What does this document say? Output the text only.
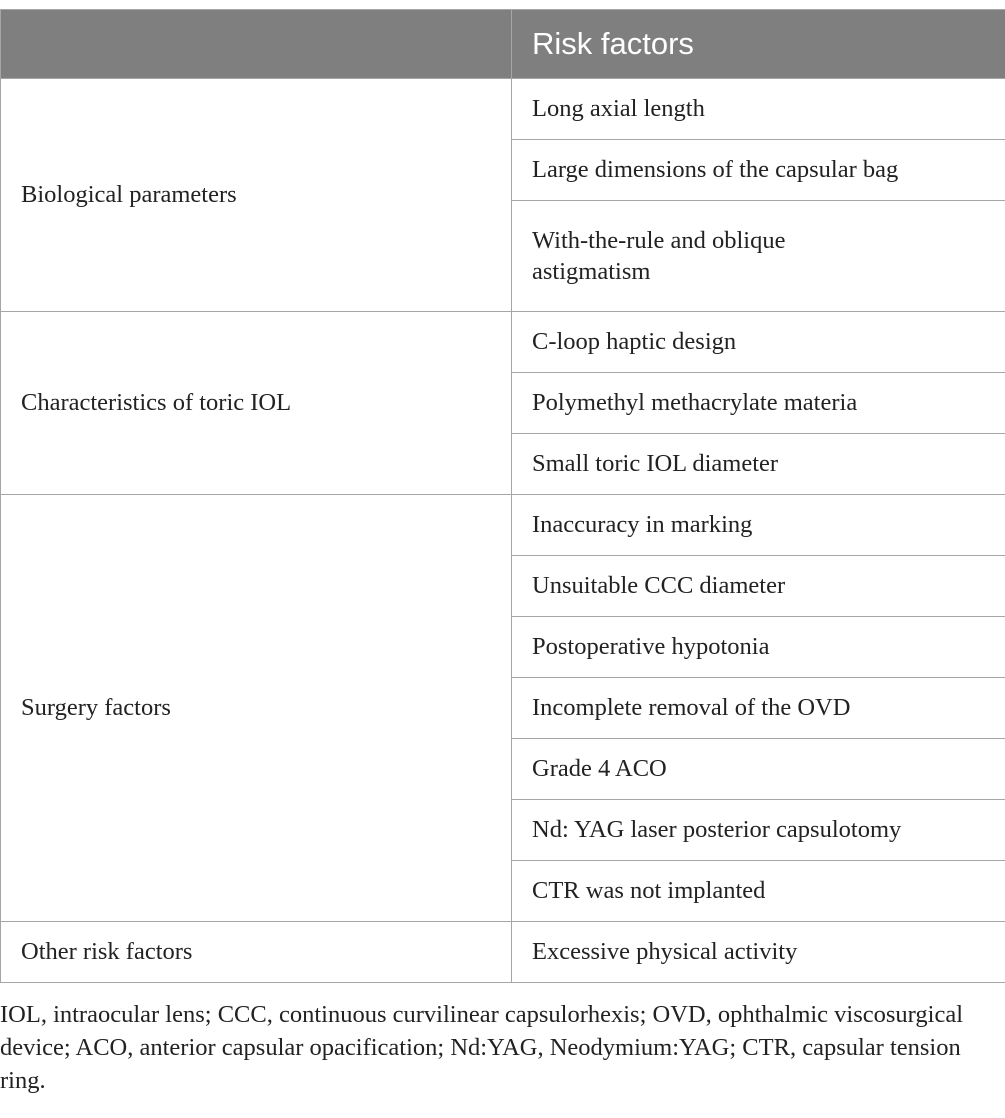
	Risk factors
Biological parameters	Long axial length
	Large dimensions of the capsular bag
	With-the-rule and oblique astigmatism
Characteristics of toric IOL	C-loop haptic design
	Polymethyl methacrylate materia
	Small toric IOL diameter
Surgery factors	Inaccuracy in marking
	Unsuitable CCC diameter
	Postoperative hypotonia
	Incomplete removal of the OVD
	Grade 4 ACO
	Nd: YAG laser posterior capsulotomy
	CTR was not implanted
Other risk factors	Excessive physical activity

IOL, intraocular lens; CCC, continuous curvilinear capsulorhexis; OVD, ophthalmic viscosurgical device; ACO, anterior capsular opacification; Nd:YAG, Neodymium:YAG; CTR, capsular tension ring.
